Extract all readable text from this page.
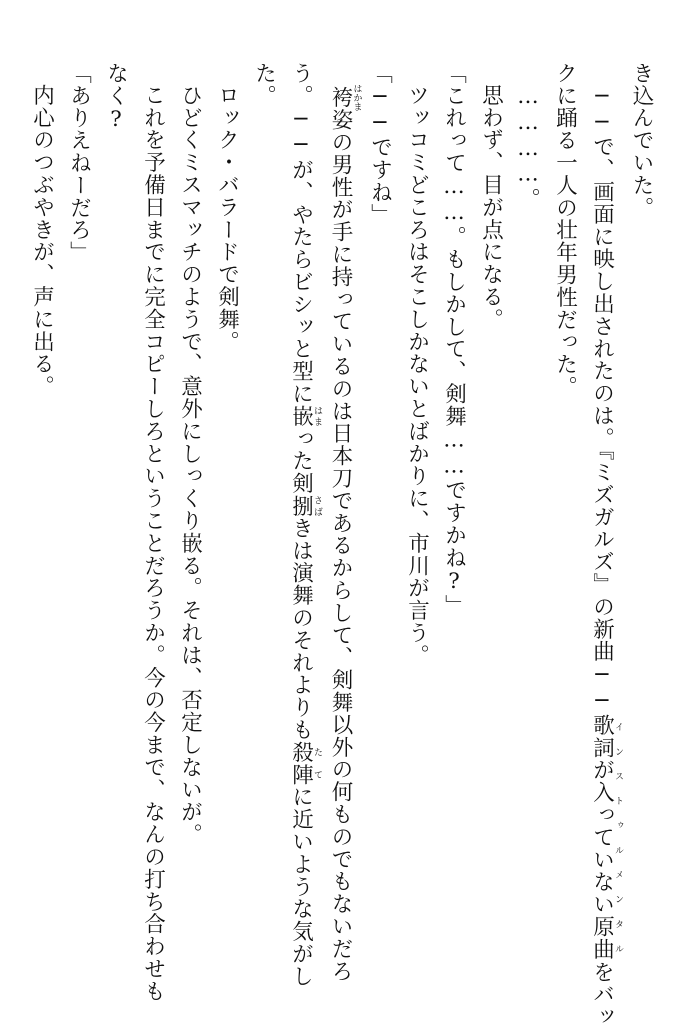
き込んでいた。
──で、画面に映し出されたのは。『ミズガルズ』の新曲──歌詞が入っていない原曲インストゥルメンタルをバッ
クに踊る一人の壮年男性だった。
…………。
思わず、目が点になる。
「これって……。もしかして、剣舞……ですかね?」
ツッコミどころはそこしかないとばかりに、市川が言う。
「──ですね」
袴はかま姿の男性が手に持っているのは日本刀であるからして、剣舞以外の何ものでもないだろ
う。──が、やたらビシッと型に嵌はまった剣捌さばきは演舞のそれよりも殺陣たてに近いような気がし
た。
ロック・バラードで剣舞。
ひどくミスマッチのようで、意外にしっくり嵌る。それは、否定しないが。
これを予備日までに完全コピーしろということだろうか。今の今まで、なんの打ち合わせも
なく?
「ありえねーだろ」
内心のつぶやきが、声に出る。
